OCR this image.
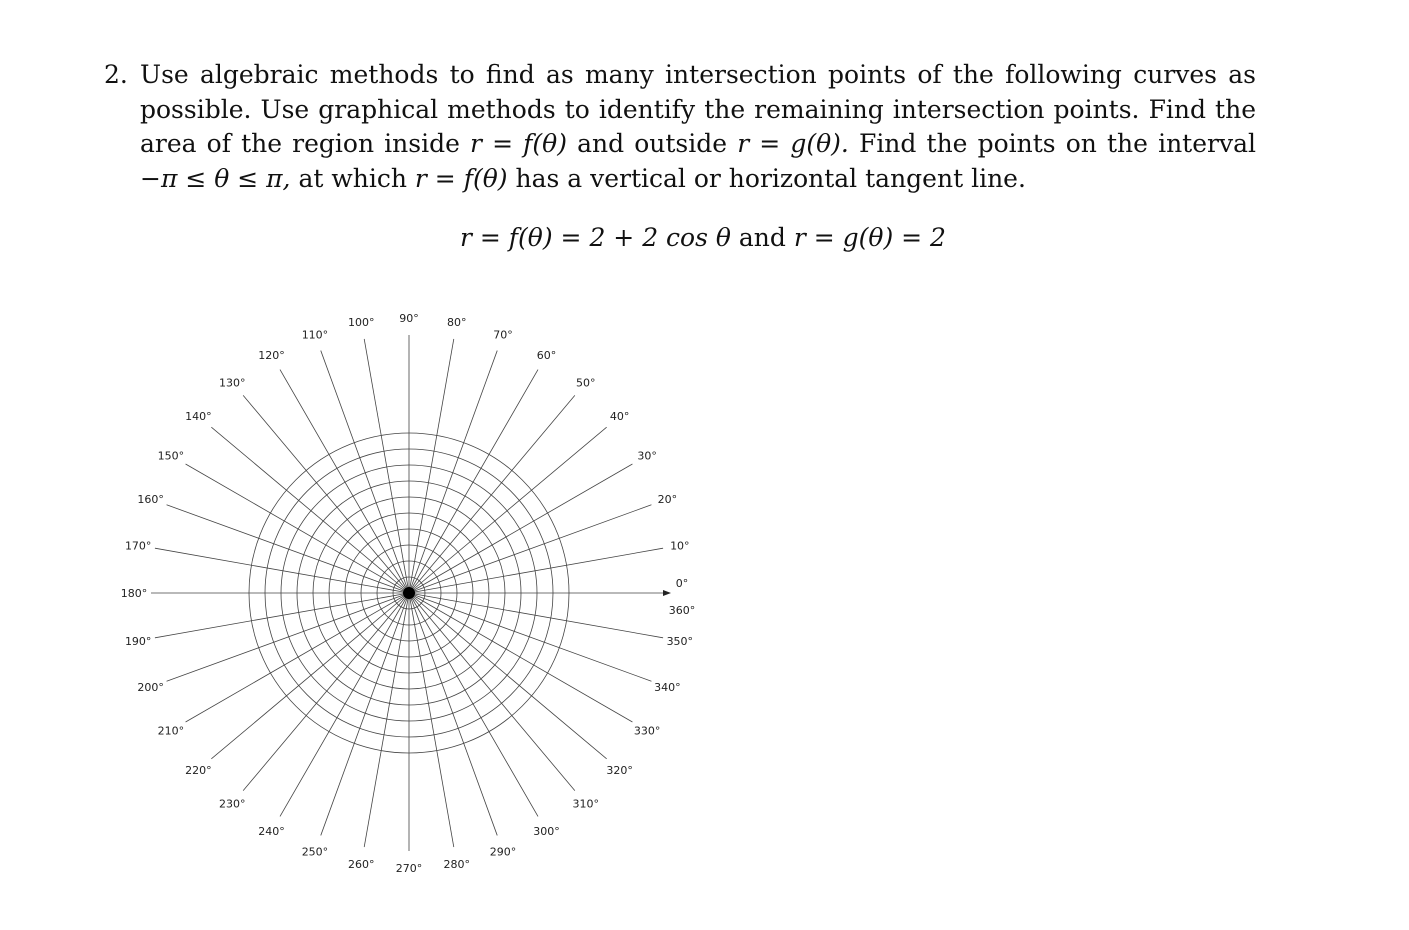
2. Use algebraic methods to find as many intersection points of the following curves as possible. Use graphical methods to identify the remaining intersection points. Find the area of the region inside r = f(θ) and outside r = g(θ). Find the points on the interval −π ≤ θ ≤ π, at which r = f(θ) has a vertical or horizontal tangent line.
r = f(θ) = 2 + 2 cos θ and r = g(θ) = 2
0°
10°
20°
30°
40°
50°
60°
70°
80°
90°
100°
110°
120°
130°
140°
150°
160°
170°
180°
190°
200°
210°
220°
230°
240°
250°
260° 270° 280°
290°
300°
310°
320°
330°
340°
350°
360°
